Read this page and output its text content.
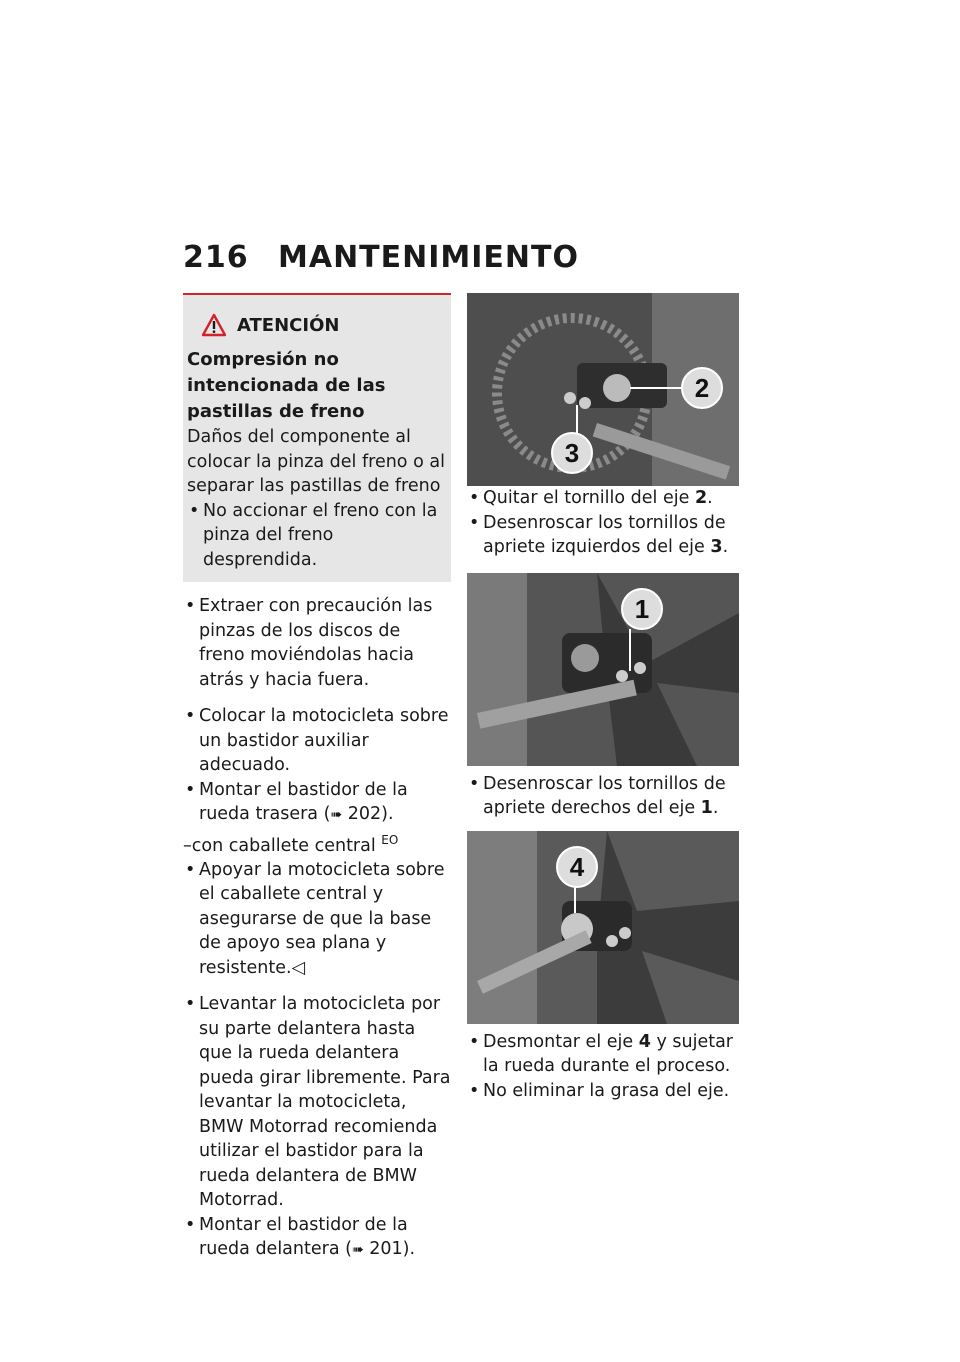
216 MANTENIMIENTO
ATENCIÓN
Compresión no intencionada de las pastillas de freno
Daños del componente al colocar la pinza del freno o al separar las pastillas de freno
• No accionar el freno con la pinza del freno desprendida.
• Extraer con precaución las pinzas de los discos de freno moviéndolas hacia atrás y hacia fuera.
• Colocar la motocicleta sobre un bastidor auxiliar adecuado.
• Montar el bastidor de la rueda trasera (➠ 202).
–con caballete central $^{EO}$
• Apoyar la motocicleta sobre el caballete central y asegurarse de que la base de apoyo sea plana y resistente.◁
• Levantar la motocicleta por su parte delantera hasta que la rueda delantera pueda girar libremente. Para levantar la motocicleta, BMW Motorrad recomienda utilizar el bastidor para la rueda delantera de BMW Motorrad.
• Montar el bastidor de la rueda delantera (➠ 201).
2
3
• Quitar el tornillo del eje 2.
• Desenroscar los tornillos de apriete izquierdos del eje 3.
1
• Desenroscar los tornillos de apriete derechos del eje 1.
4
• Desmontar el eje 4 y sujetar la rueda durante el proceso.
• No eliminar la grasa del eje.
